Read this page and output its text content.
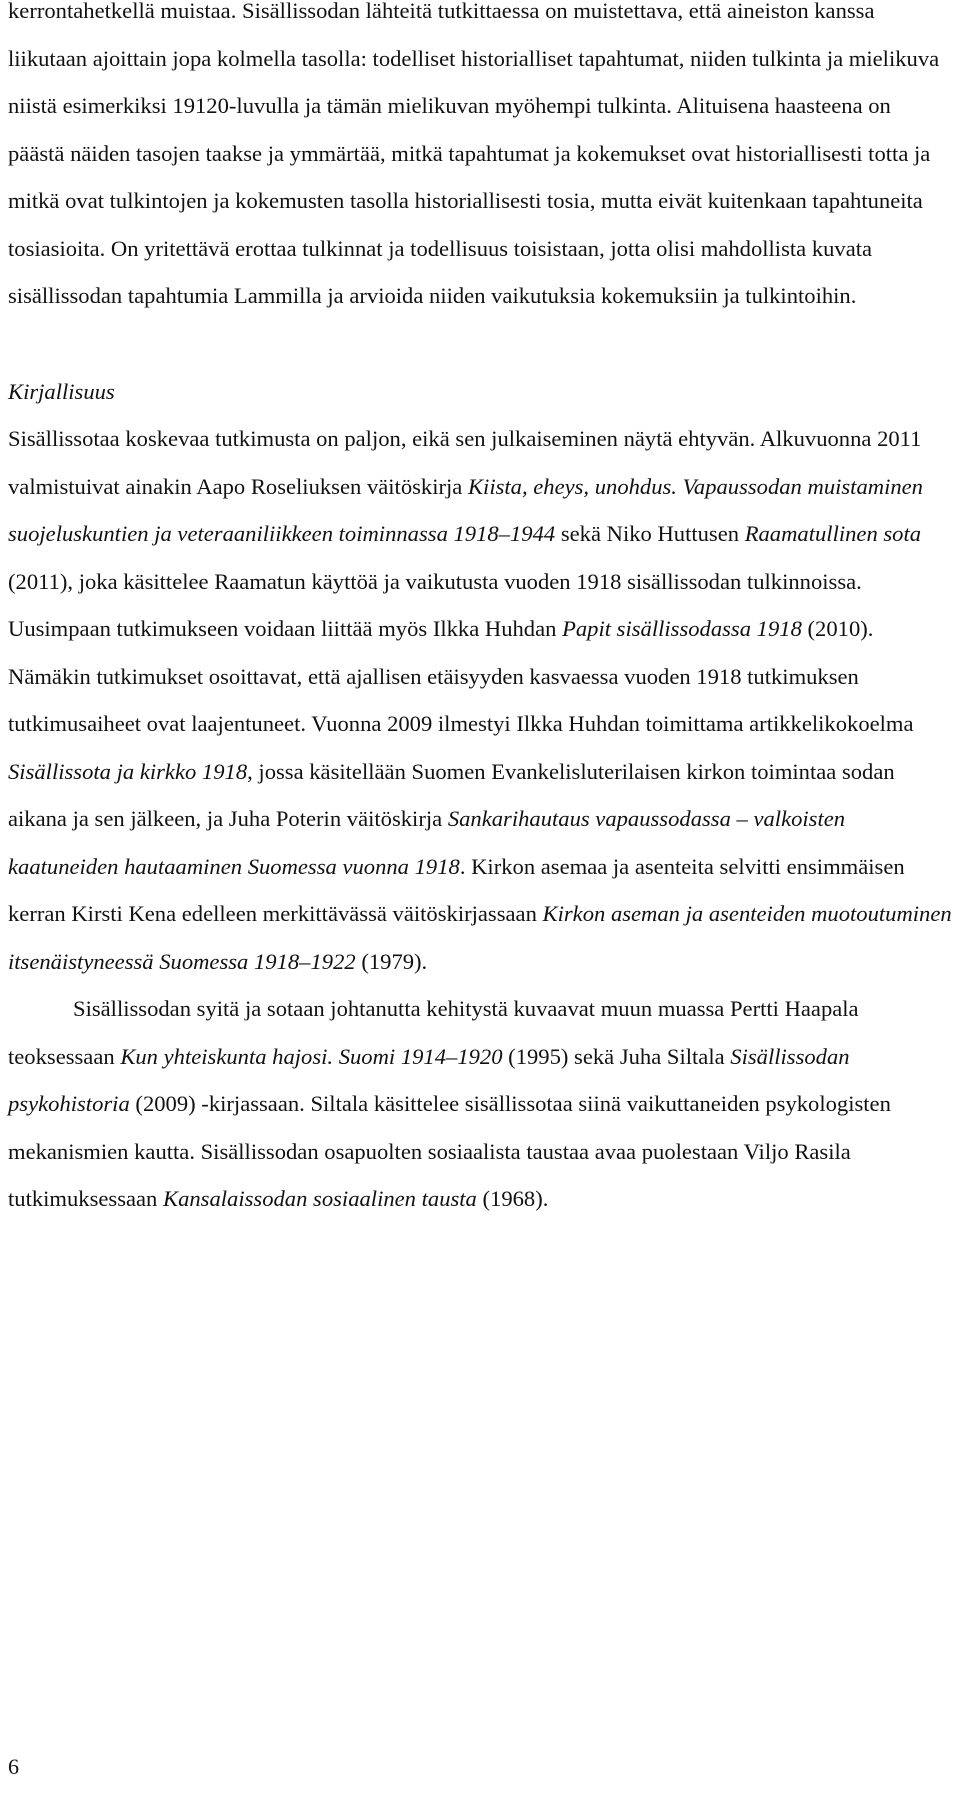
kerrontahetkellä muistaa. Sisällissodan lähteitä tutkittaessa on muistettava, että aineiston kanssa liikutaan ajoittain jopa kolmella tasolla: todelliset historialliset tapahtumat, niiden tulkinta ja mielikuva niistä esimerkiksi 19120-luvulla ja tämän mielikuvan myöhempi tulkinta. Alituisena haasteena on päästä näiden tasojen taakse ja ymmärtää, mitkä tapahtumat ja kokemukset ovat historiallisesti totta ja mitkä ovat tulkintojen ja kokemusten tasolla historiallisesti tosia, mutta eivät kuitenkaan tapahtuneita tosiasioita. On yritettävä erottaa tulkinnat ja todellisuus toisistaan, jotta olisi mahdollista kuvata sisällissodan tapahtumia Lammilla ja arvioida niiden vaikutuksia kokemuksiin ja tulkintoihin.

Kirjallisuus

Sisällissotaa koskevaa tutkimusta on paljon, eikä sen julkaiseminen näytä ehtyvän. Alkuvuonna 2011 valmistuivat ainakin Aapo Roseliuksen väitöskirja Kiista, eheys, unohdus. Vapaussodan muistaminen suojeluskuntien ja veteraaniliikkeen toiminnassa 1918–1944 sekä Niko Huttusen Raamatullinen sota (2011), joka käsittelee Raamatun käyttöä ja vaikutusta vuoden 1918 sisällissodan tulkinnoissa. Uusimpaan tutkimukseen voidaan liittää myös Ilkka Huhdan Papit sisällissodassa 1918 (2010). Nämäkin tutkimukset osoittavat, että ajallisen etäisyyden kasvaessa vuoden 1918 tutkimuksen tutkimusaiheet ovat laajentuneet. Vuonna 2009 ilmestyi Ilkka Huhdan toimittama artikkelikokoelma Sisällissota ja kirkko 1918, jossa käsitellään Suomen Evankelisluterilaisen kirkon toimintaa sodan aikana ja sen jälkeen, ja Juha Poterin väitöskirja Sankarihautaus vapaussodassa – valkoisten kaatuneiden hautaaminen Suomessa vuonna 1918. Kirkon asemaa ja asenteita selvitti ensimmäisen kerran Kirsti Kena edelleen merkittävässä väitöskirjassaan Kirkon aseman ja asenteiden muotoutuminen itsenäistyneessä Suomessa 1918–1922 (1979).

Sisällissodan syitä ja sotaan johtanutta kehitystä kuvaavat muun muassa Pertti Haapala teoksessaan Kun yhteiskunta hajosi. Suomi 1914–1920 (1995) sekä Juha Siltala Sisällissodan psykohistoria (2009) -kirjassaan. Siltala käsittelee sisällissotaa siinä vaikuttaneiden psykologisten mekanismien kautta. Sisällissodan osapuolten sosiaalista taustaa avaa puolestaan Viljo Rasila tutkimuksessaan Kansalaissodan sosiaalinen tausta (1968).

6
